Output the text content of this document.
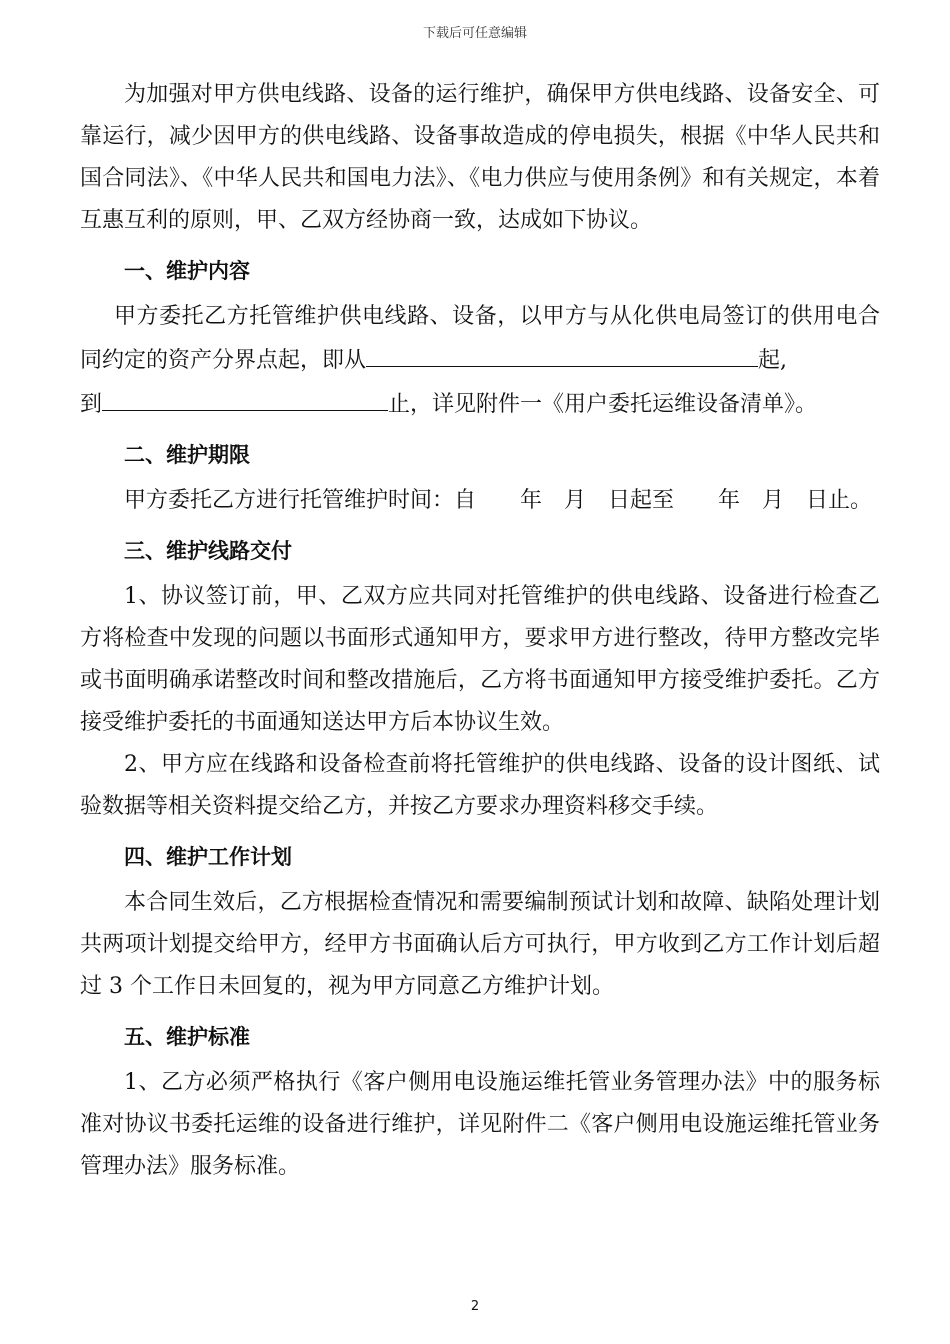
下载后可任意编辑

为加强对甲方供电线路、设备的运行维护，确保甲方供电线路、设备安全、可靠运行，减少因甲方的供电线路、设备事故造成的停电损失，根据《中华人民共和国合同法》、《中华人民共和国电力法》、《电力供应与使用条例》和有关规定，本着互惠互利的原则，甲、乙双方经协商一致，达成如下协议。

一、维护内容

甲方委托乙方托管维护供电线路、设备，以甲方与从化供电局签订的供用电合同约定的资产分界点起，即从	起,

到	止，详见附件一《用户委托运维设备清单》。

二、维护期限

甲方委托乙方进行托管维护时间：自　　年　月　日起至　　年　月　日止。

三、维护线路交付

1、协议签订前，甲、乙双方应共同对托管维护的供电线路、设备进行检查乙方将检查中发现的问题以书面形式通知甲方，要求甲方进行整改，待甲方整改完毕或书面明确承诺整改时间和整改措施后，乙方将书面通知甲方接受维护委托。乙方接受维护委托的书面通知送达甲方后本协议生效。

2、甲方应在线路和设备检查前将托管维护的供电线路、设备的设计图纸、试验数据等相关资料提交给乙方，并按乙方要求办理资料移交手续。

四、维护工作计划

本合同生效后，乙方根据检查情况和需要编制预试计划和故障、缺陷处理计划共两项计划提交给甲方，经甲方书面确认后方可执行，甲方收到乙方工作计划后超过 3 个工作日未回复的，视为甲方同意乙方维护计划。

五、维护标准

1、乙方必须严格执行《客户侧用电设施运维托管业务管理办法》中的服务标准对协议书委托运维的设备进行维护，详见附件二《客户侧用电设施运维托管业务管理办法》服务标准。

2
